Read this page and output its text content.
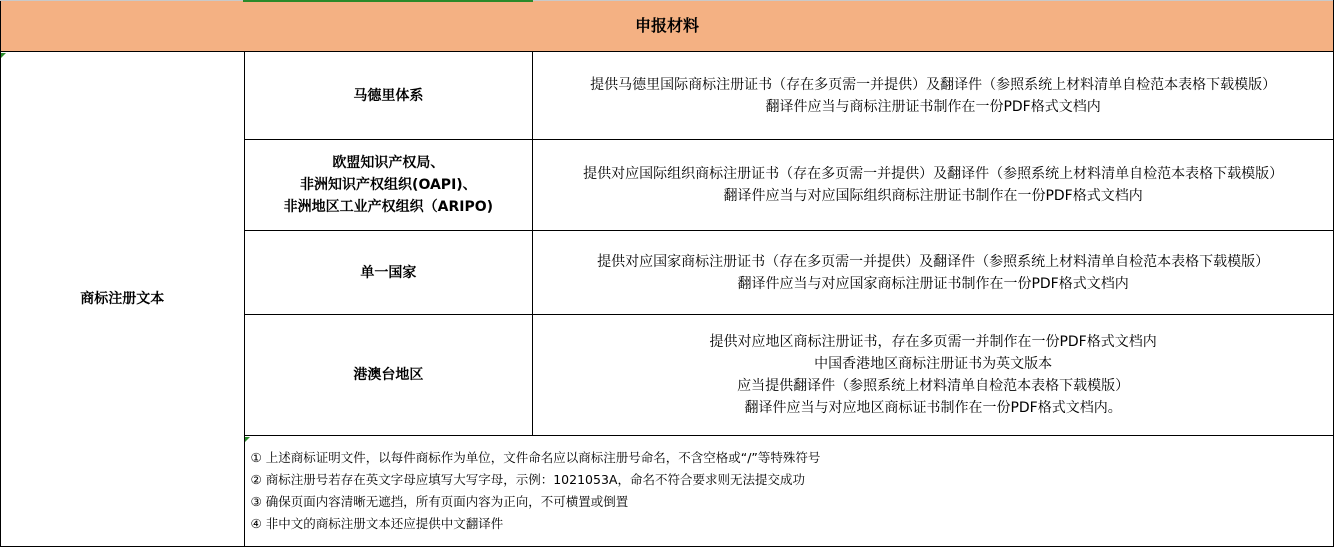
申报材料		
商标注册文本	马德里体系	提供马德里国际商标注册证书（存在多页需一并提供）及翻译件（参照系统上材料清单自检范本表格下载模版）
翻译件应当与商标注册证书制作在一份PDF格式文档内

	欧盟知识产权局、
非洲知识产权组织(OAPI)、
非洲地区工业产权组织（ARIPO)	提供对应国际组织商标注册证书（存在多页需一并提供）及翻译件（参照系统上材料清单自检范本表格下载模版）
翻译件应当与对应国际组织商标注册证书制作在一份PDF格式文档内

	单一国家	提供对应国家商标注册证书（存在多页需一并提供）及翻译件（参照系统上材料清单自检范本表格下载模版）
翻译件应当与对应国家商标注册证书制作在一份PDF格式文档内

	港澳台地区	提供对应地区商标注册证书，存在多页需一并制作在一份PDF格式文档内
中国香港地区商标注册证书为英文版本
应当提供翻译件（参照系统上材料清单自检范本表格下载模版）
翻译件应当与对应地区商标证书制作在一份PDF格式文档内。

	① 上述商标证明文件，以每件商标作为单位，文件命名应以商标注册号命名，不含空格或“/”等特殊符号
② 商标注册号若存在英文字母应填写大写字母，示例：1021053A，命名不符合要求则无法提交成功
③ 确保页面内容清晰无遮挡，所有页面内容为正向，不可横置或倒置
④ 非中文的商标注册文本还应提供中文翻译件	
